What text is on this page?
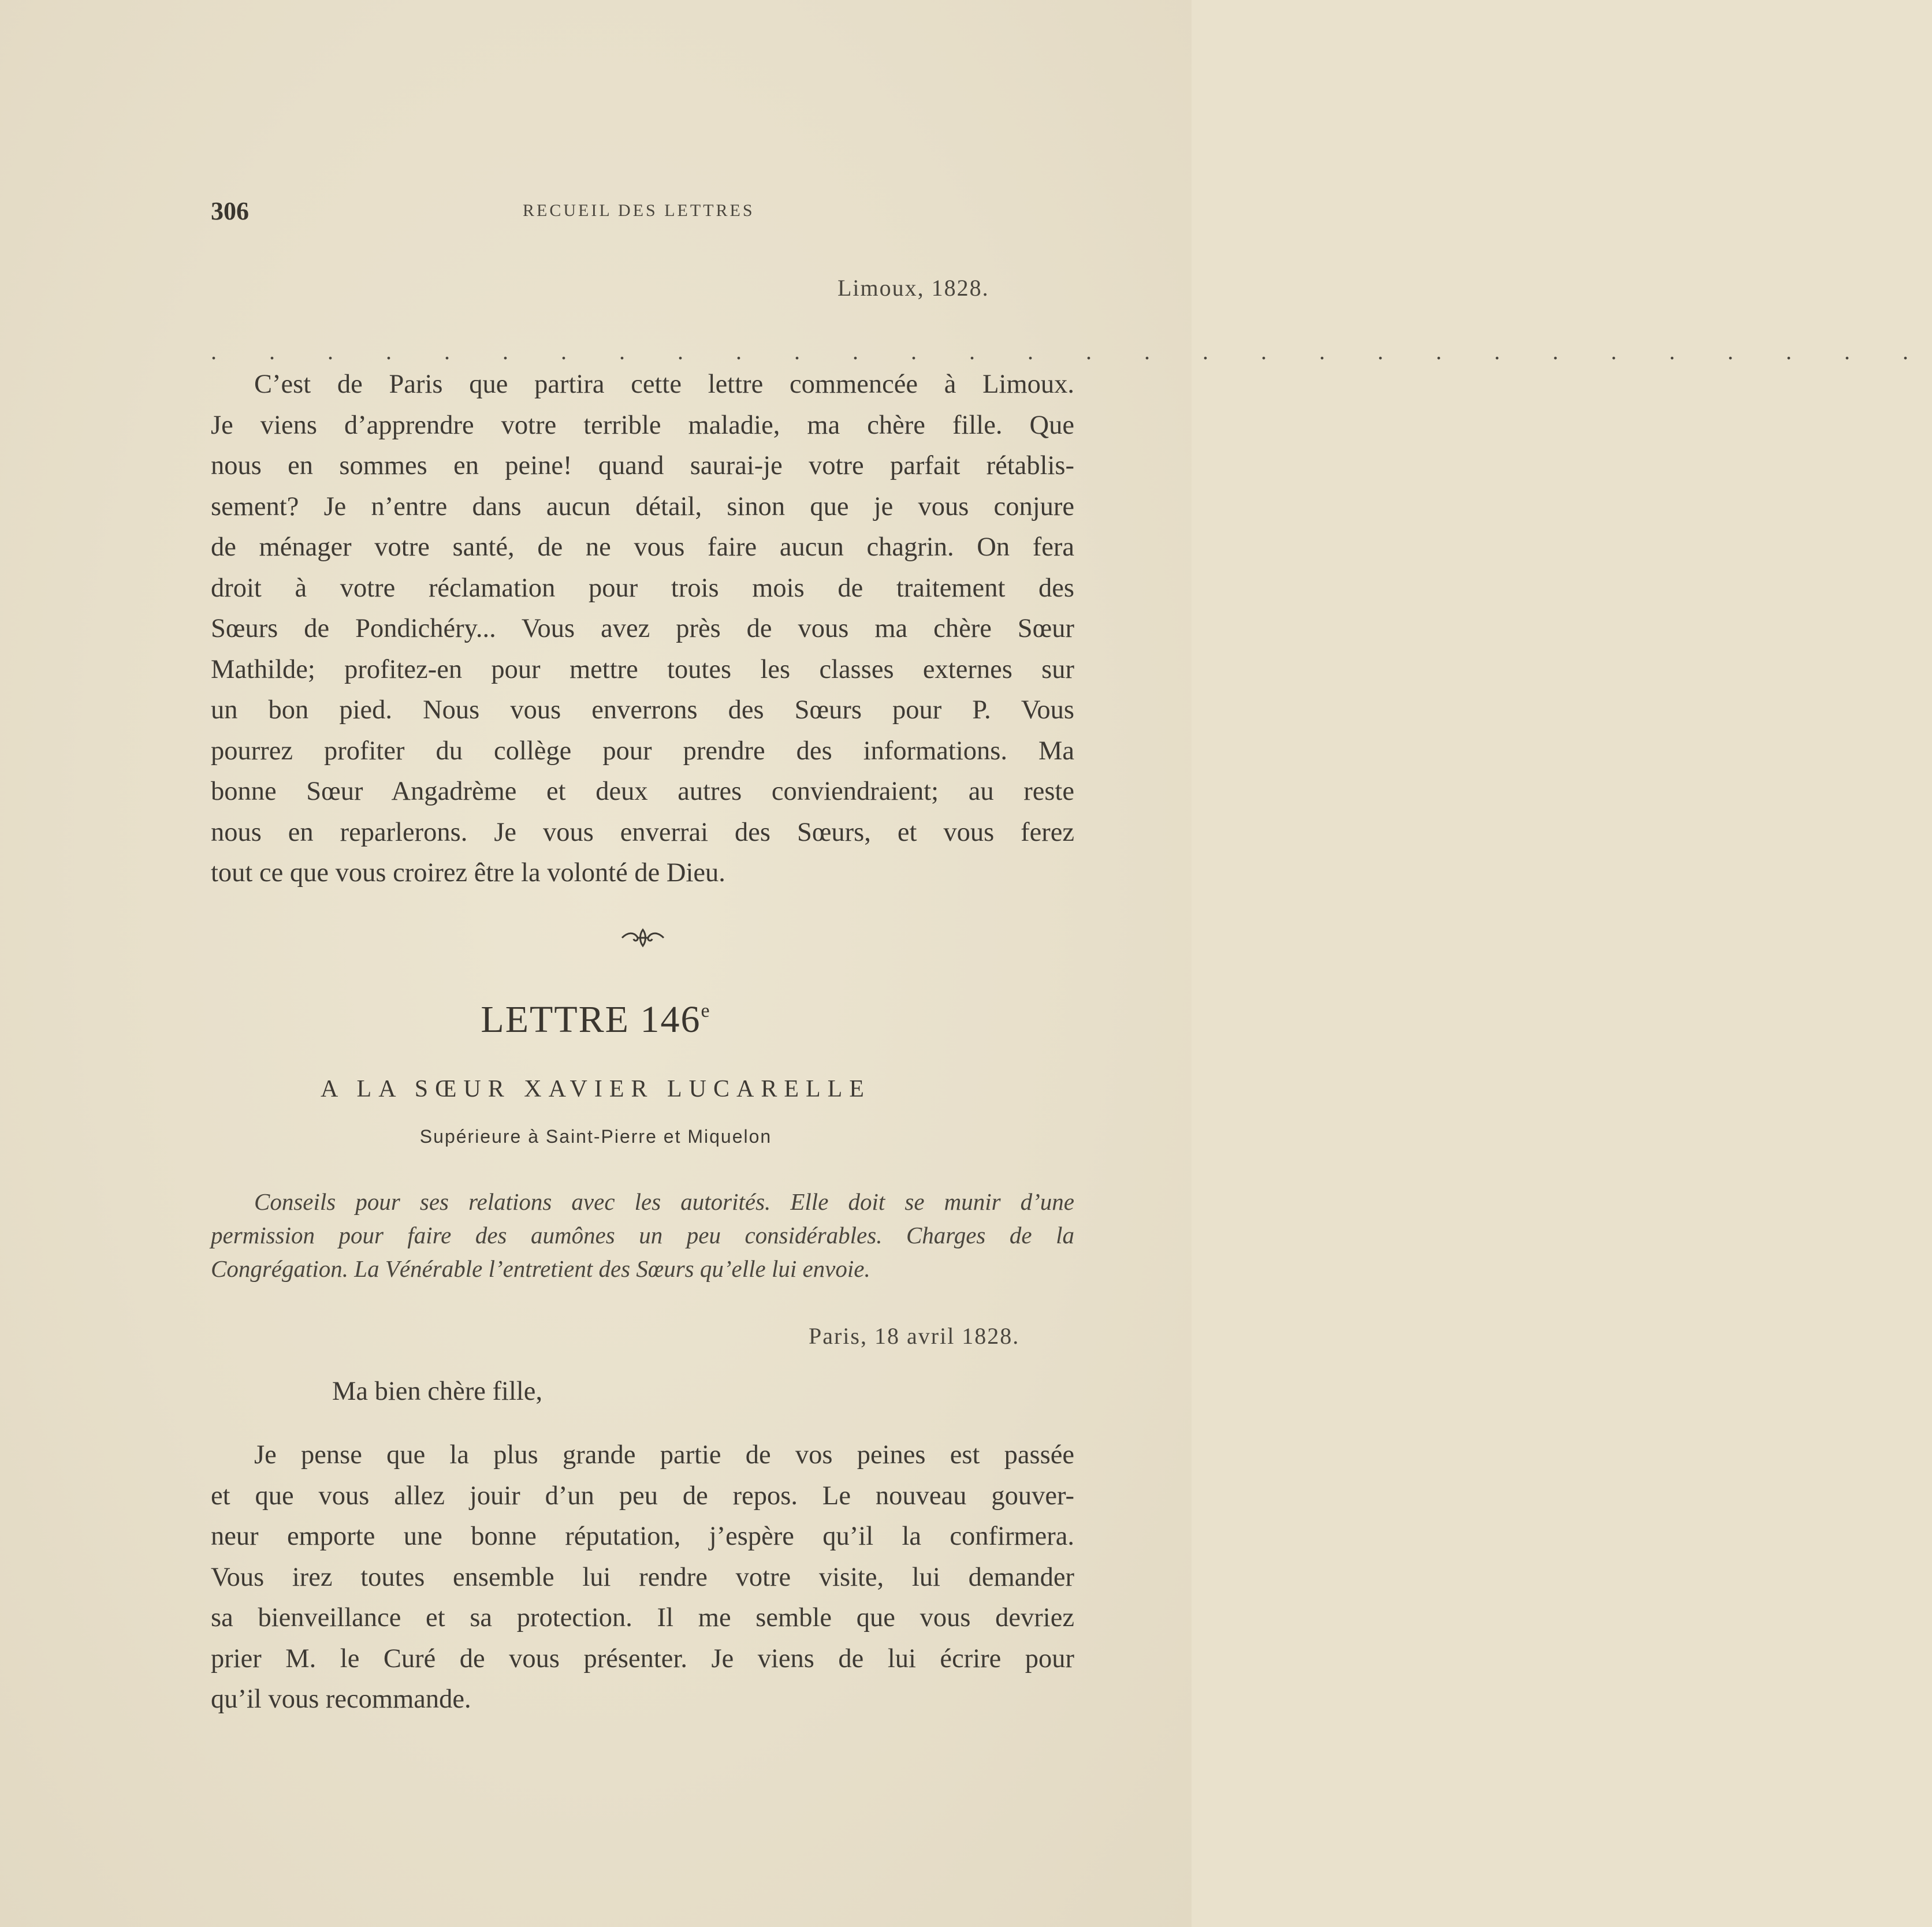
306	RECUEIL DES LETTRES
Limoux, 1828.
. . . . . . . . . . . . . . . . . . . . . . . . . . . . . .
C’est de Paris que partira cette lettre commencée à Limoux.
Je viens d’apprendre votre terrible maladie, ma chère fille. Que
nous en sommes en peine! quand saurai-je votre parfait rétablis-
sement? Je n’entre dans aucun détail, sinon que je vous conjure
de ménager votre santé, de ne vous faire aucun chagrin. On fera
droit à votre réclamation pour trois mois de traitement des
Sœurs de Pondichéry... Vous avez près de vous ma chère Sœur
Mathilde; profitez-en pour mettre toutes les classes externes sur
un bon pied. Nous vous enverrons des Sœurs pour P. Vous
pourrez profiter du collège pour prendre des informations. Ma
bonne Sœur Angadrème et deux autres conviendraient; au reste
nous en reparlerons. Je vous enverrai des Sœurs, et vous ferez
tout ce que vous croirez être la volonté de Dieu.
LETTRE 146e
A LA SŒUR XAVIER LUCARELLE
Supérieure à Saint-Pierre et Miquelon
Conseils pour ses relations avec les autorités. Elle doit se munir d’une
permission pour faire des aumônes un peu considérables. Charges de la
Congrégation. La Vénérable l’entretient des Sœurs qu’elle lui envoie.
Paris, 18 avril 1828.
Ma bien chère fille,
Je pense que la plus grande partie de vos peines est passée
et que vous allez jouir d’un peu de repos. Le nouveau gouver-
neur emporte une bonne réputation, j’espère qu’il la confirmera.
Vous irez toutes ensemble lui rendre votre visite, lui demander
sa bienveillance et sa protection. Il me semble que vous devriez
prier M. le Curé de vous présenter. Je viens de lui écrire pour
qu’il vous recommande.
